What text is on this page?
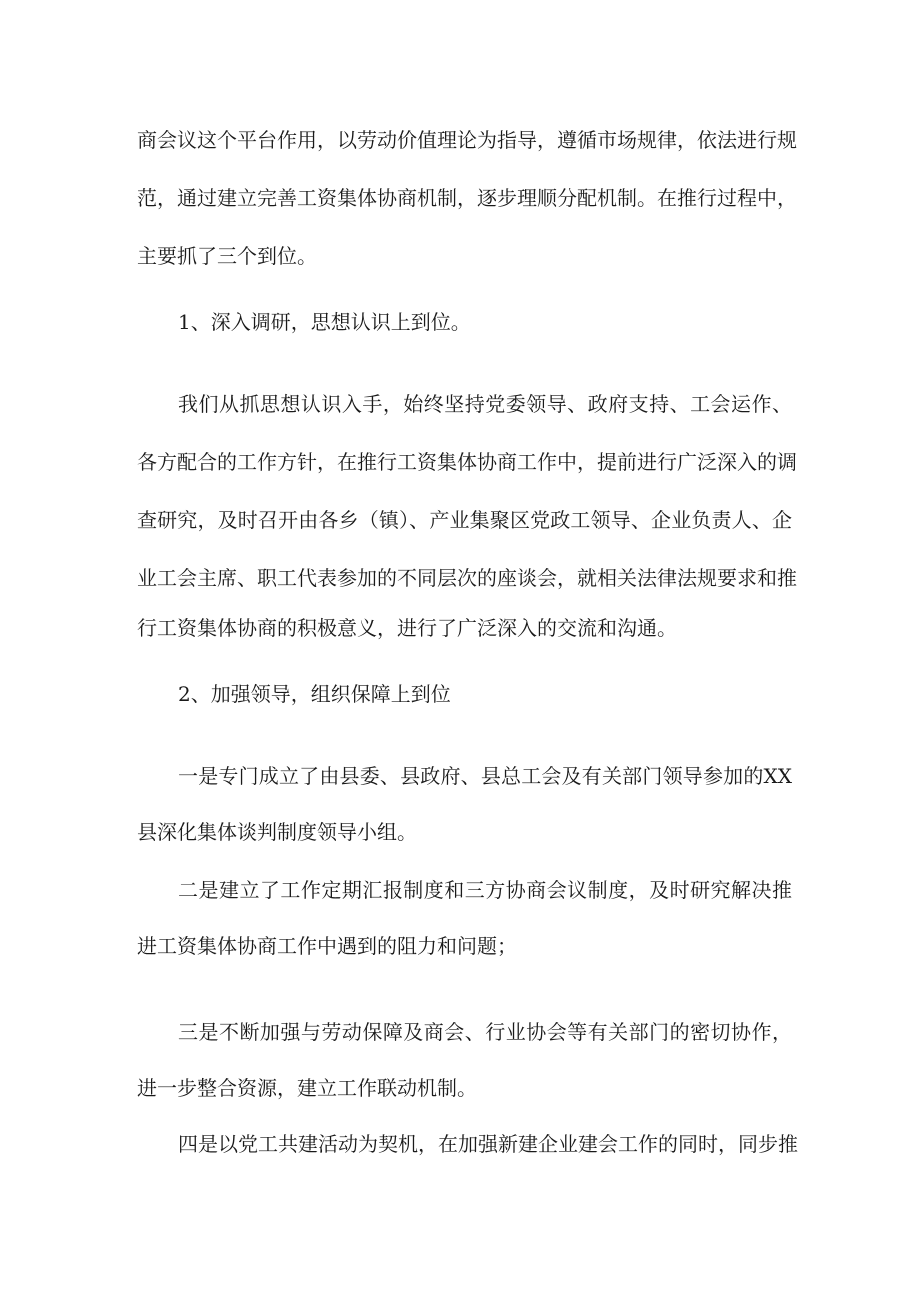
商会议这个平台作用，以劳动价值理论为指导，遵循市场规律，依法进行规

范，通过建立完善工资集体协商机制，逐步理顺分配机制。在推行过程中，

主要抓了三个到位。

1、深入调研，思想认识上到位。

我们从抓思想认识入手，始终坚持党委领导、政府支持、工会运作、

各方配合的工作方针，在推行工资集体协商工作中，提前进行广泛深入的调

查研究，及时召开由各乡（镇）、产业集聚区党政工领导、企业负责人、企

业工会主席、职工代表参加的不同层次的座谈会，就相关法律法规要求和推

行工资集体协商的积极意义，进行了广泛深入的交流和沟通。

2、加强领导，组织保障上到位

一是专门成立了由县委、县政府、县总工会及有关部门领导参加的XX

县深化集体谈判制度领导小组。

二是建立了工作定期汇报制度和三方协商会议制度，及时研究解决推

进工资集体协商工作中遇到的阻力和问题；

三是不断加强与劳动保障及商会、行业协会等有关部门的密切协作，

进一步整合资源，建立工作联动机制。

四是以党工共建活动为契机，在加强新建企业建会工作的同时，同步推
